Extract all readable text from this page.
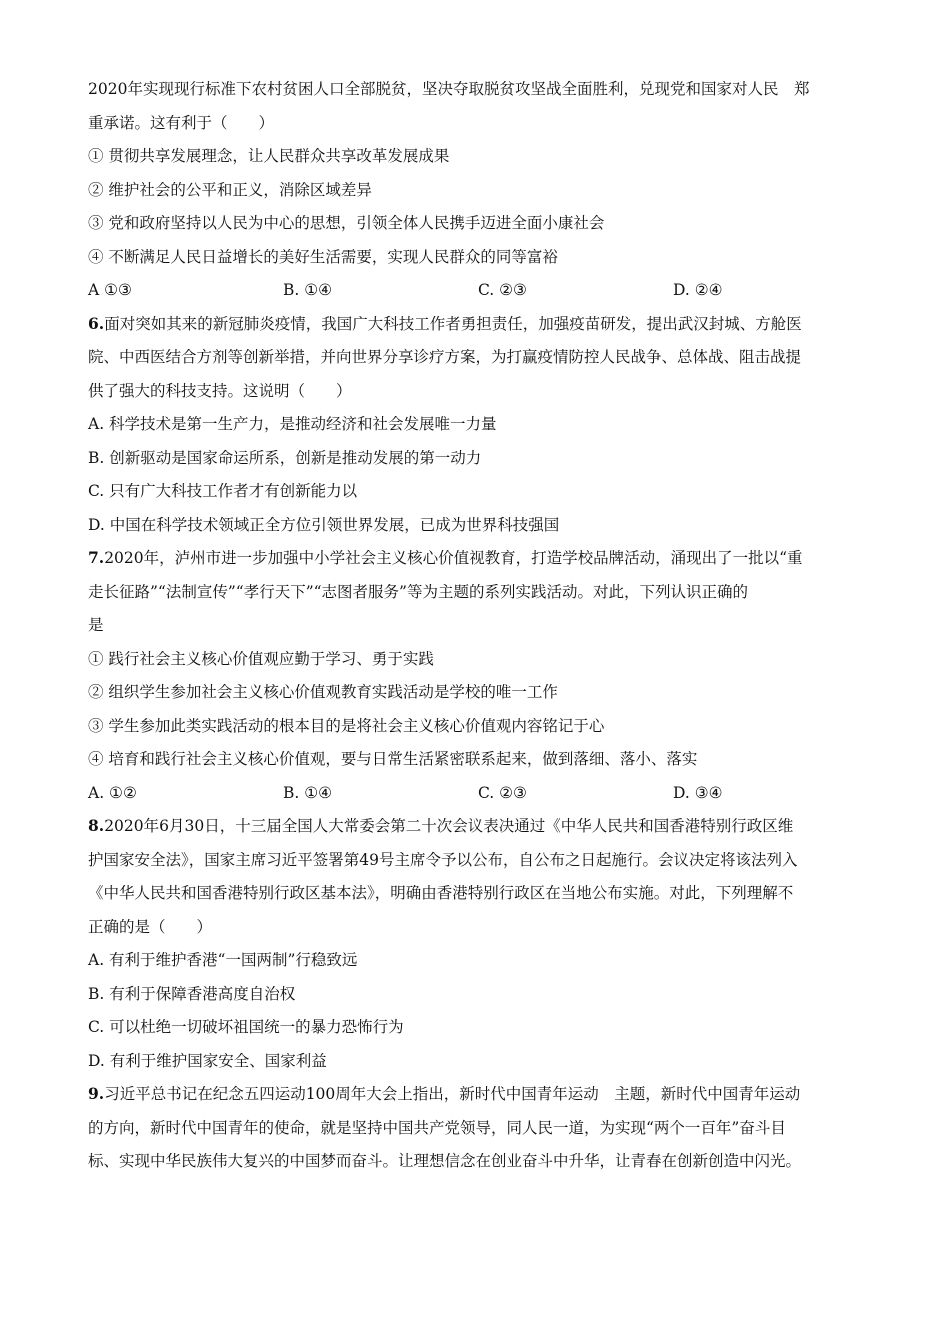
2020年实现现行标准下农村贫困人口全部脱贫，坚决夺取脱贫攻坚战全面胜利，兑现党和国家对人民　郑
重承诺。这有利于（　　）
① 贯彻共享发展理念，让人民群众共享改革发展成果
② 维护社会的公平和正义，消除区域差异
③ 党和政府坚持以人民为中心的思想，引领全体人民携手迈进全面小康社会
④ 不断满足人民日益增长的美好生活需要，实现人民群众的同等富裕
A ①③	B. ①④	C. ②③	D. ②④
6.面对突如其来的新冠肺炎疫情，我国广大科技工作者勇担责任，加强疫苗研发，提出武汉封城、方舱医
院、中西医结合方剂等创新举措，并向世界分享诊疗方案，为打赢疫情防控人民战争、总体战、阻击战提
供了强大的科技支持。这说明（　　）
A. 科学技术是第一生产力，是推动经济和社会发展唯一力量
B. 创新驱动是国家命运所系，创新是推动发展的第一动力
C. 只有广大科技工作者才有创新能力以
D. 中国在科学技术领域正全方位引领世界发展，已成为世界科技强国
7.2020年，泸州市进一步加强中小学社会主义核心价值视教育，打造学校品牌活动，涌现出了一批以“重
走长征路”“法制宣传”“孝行天下”“志图者服务”等为主题的系列实践活动。对此，下列认识正确的
是
① 践行社会主义核心价值观应勤于学习、勇于实践
② 组织学生参加社会主义核心价值观教育实践活动是学校的唯一工作
③ 学生参加此类实践活动的根本目的是将社会主义核心价值观内容铭记于心
④ 培育和践行社会主义核心价值观，要与日常生活紧密联系起来，做到落细、落小、落实
A. ①②	B. ①④	C. ②③	D. ③④
8.2020年6月30日，十三届全国人大常委会第二十次会议表决通过《中华人民共和国香港特别行政区维
护国家安全法》，国家主席习近平签署第49号主席令予以公布，自公布之日起施行。会议决定将该法列入
《中华人民共和国香港特别行政区基本法》，明确由香港特别行政区在当地公布实施。对此，下列理解不
正确的是（　　）
A. 有利于维护香港“一国两制”行稳致远
B. 有利于保障香港高度自治权
C. 可以杜绝一切破坏祖国统一的暴力恐怖行为
D. 有利于维护国家安全、国家利益
9.习近平总书记在纪念五四运动100周年大会上指出，新时代中国青年运动　主题，新时代中国青年运动
的方向，新时代中国青年的使命，就是坚持中国共产党领导，同人民一道，为实现“两个一百年”奋斗目
标、实现中华民族伟大复兴的中国梦而奋斗。让理想信念在创业奋斗中升华，让青春在创新创造中闪光。
